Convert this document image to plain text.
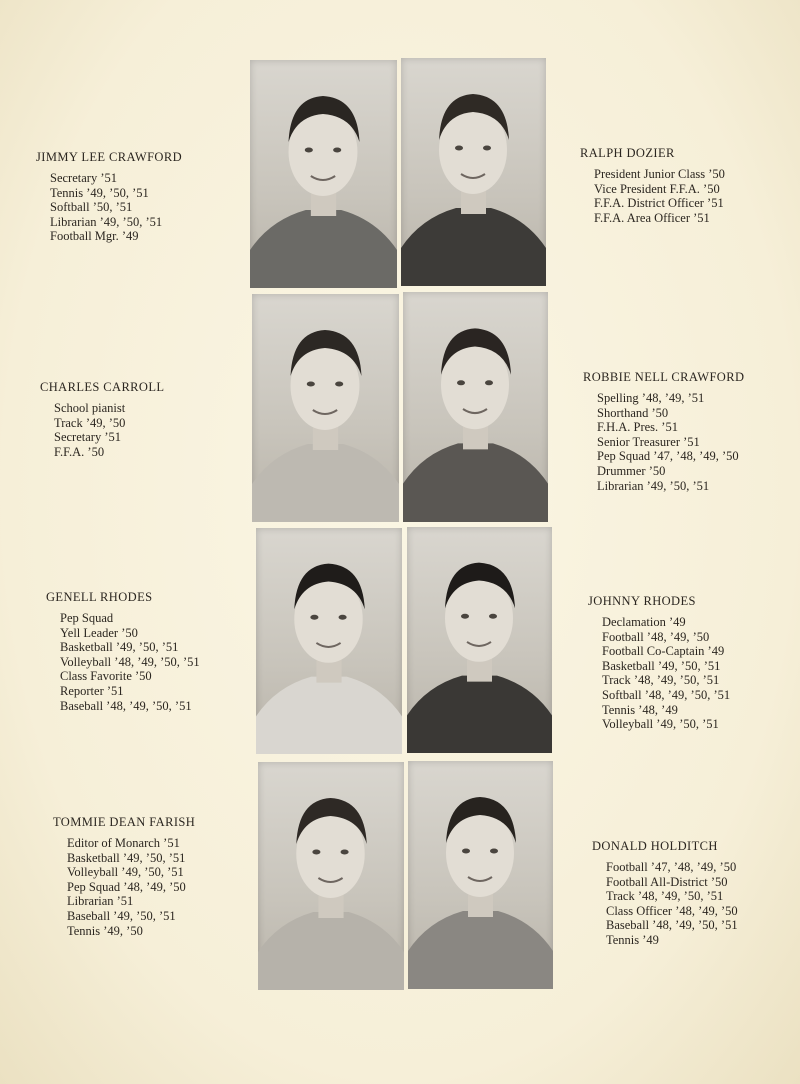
JIMMY LEE CRAWFORD
Secretary ’51
Tennis ’49, ’50, ’51
Softball ’50, ’51
Librarian ’49, ’50, ’51
Football Mgr. ’49
RALPH DOZIER
President Junior Class ’50
Vice President F.F.A. ’50
F.F.A. District Officer ’51
F.F.A. Area Officer ’51
CHARLES CARROLL
School pianist
Track ’49, ’50
Secretary ’51
F.F.A. ’50
ROBBIE NELL CRAWFORD
Spelling ’48, ’49, ’51
Shorthand ’50
F.H.A. Pres. ’51
Senior Treasurer ’51
Pep Squad ’47, ’48, ’49, ’50
Drummer ’50
Librarian ’49, ’50, ’51
GENELL RHODES
Pep Squad
Yell Leader ’50
Basketball ’49, ’50, ’51
Volleyball ’48, ’49, ’50, ’51
Class Favorite ’50
Reporter ’51
Baseball ’48, ’49, ’50, ’51
JOHNNY RHODES
Declamation ’49
Football ’48, ’49, ’50
Football Co-Captain ’49
Basketball ’49, ’50, ’51
Track ’48, ’49, ’50, ’51
Softball ’48, ’49, ’50, ’51
Tennis ’48, ’49
Volleyball ’49, ’50, ’51
TOMMIE DEAN FARISH
Editor of Monarch ’51
Basketball ’49, ’50, ’51
Volleyball ’49, ’50, ’51
Pep Squad ’48, ’49, ’50
Librarian ’51
Baseball ’49, ’50, ’51
Tennis ’49, ’50
DONALD HOLDITCH
Football ’47, ’48, ’49, ’50
Football All-District ’50
Track ’48, ’49, ’50, ’51
Class Officer ’48, ’49, ’50
Baseball ’48, ’49, ’50, ’51
Tennis ’49
